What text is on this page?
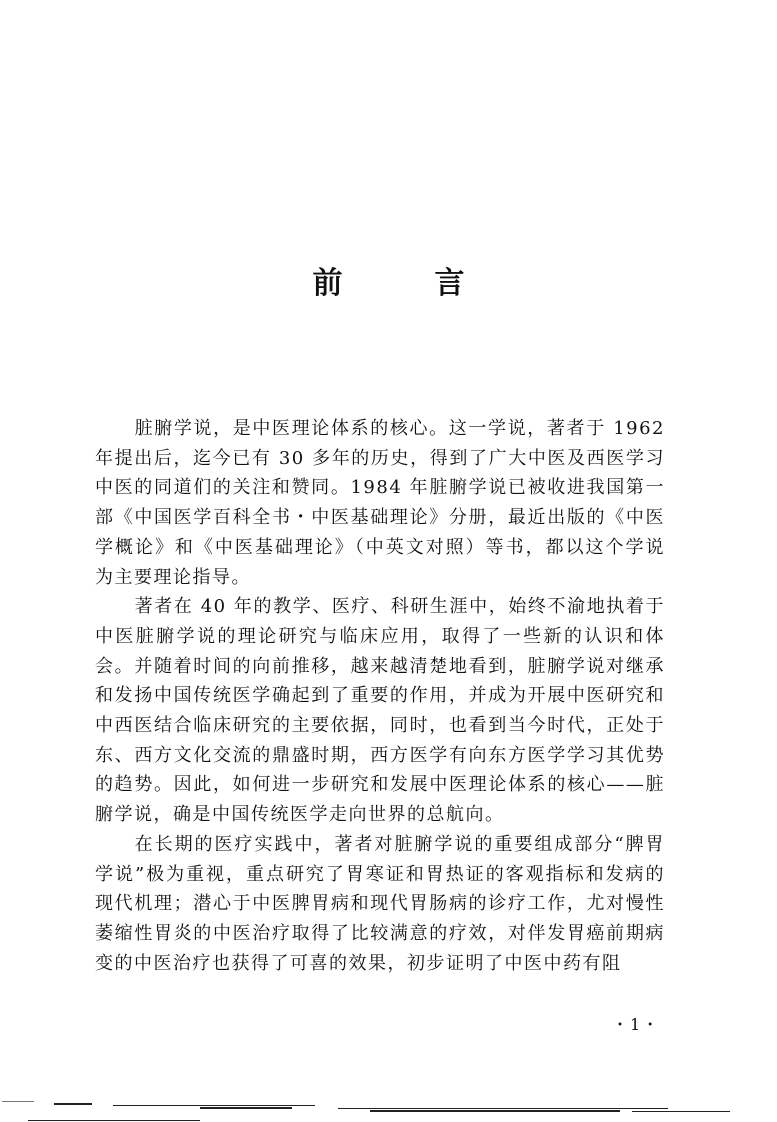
前	言

脏腑学说，是中医理论体系的核心。这一学说，著者于 1962 年提出后，迄今已有 30 多年的历史，得到了广大中医及西医学习中医的同道们的关注和赞同。1984 年脏腑学说已被收进我国第一部《中国医学百科全书・中医基础理论》分册，最近出版的《中医学概论》和《中医基础理论》（中英文对照）等书，都以这个学说为主要理论指导。

著者在 40 年的教学、医疗、科研生涯中，始终不渝地执着于中医脏腑学说的理论研究与临床应用，取得了一些新的认识和体会。并随着时间的向前推移，越来越清楚地看到，脏腑学说对继承和发扬中国传统医学确起到了重要的作用，并成为开展中医研究和中西医结合临床研究的主要依据，同时，也看到当今时代，正处于东、西方文化交流的鼎盛时期，西方医学有向东方医学学习其优势的趋势。因此，如何进一步研究和发展中医理论体系的核心——脏腑学说，确是中国传统医学走向世界的总航向。

在长期的医疗实践中，著者对脏腑学说的重要组成部分“脾胃学说”极为重视，重点研究了胃寒证和胃热证的客观指标和发病的现代机理；潜心于中医脾胃病和现代胃肠病的诊疗工作，尤对慢性萎缩性胃炎的中医治疗取得了比较满意的疗效，对伴发胃癌前期病变的中医治疗也获得了可喜的效果，初步证明了中医中药有阻

・1・
